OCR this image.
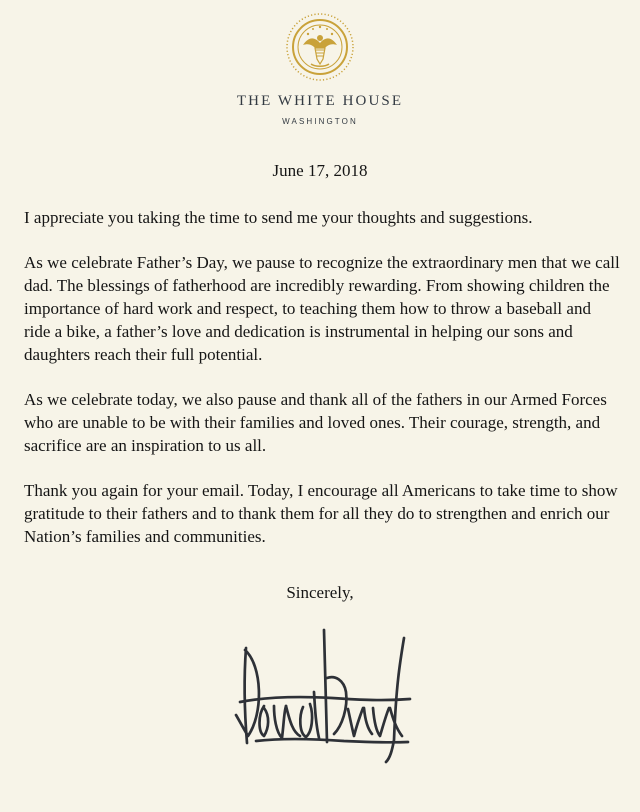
THE WHITE HOUSE
WASHINGTON
June 17, 2018

I appreciate you taking the time to send me your thoughts and suggestions.

As we celebrate Father’s Day, we pause to recognize the extraordinary men that we call dad. The blessings of fatherhood are incredibly rewarding. From showing children the importance of hard work and respect, to teaching them how to throw a baseball and ride a bike, a father’s love and dedication is instrumental in helping our sons and daughters reach their full potential.

As we celebrate today, we also pause and thank all of the fathers in our Armed Forces who are unable to be with their families and loved ones. Their courage, strength, and sacrifice are an inspiration to us all.

Thank you again for your email. Today, I encourage all Americans to take time to show gratitude to their fathers and to thank them for all they do to strengthen and enrich our Nation’s families and communities.

Sincerely,
